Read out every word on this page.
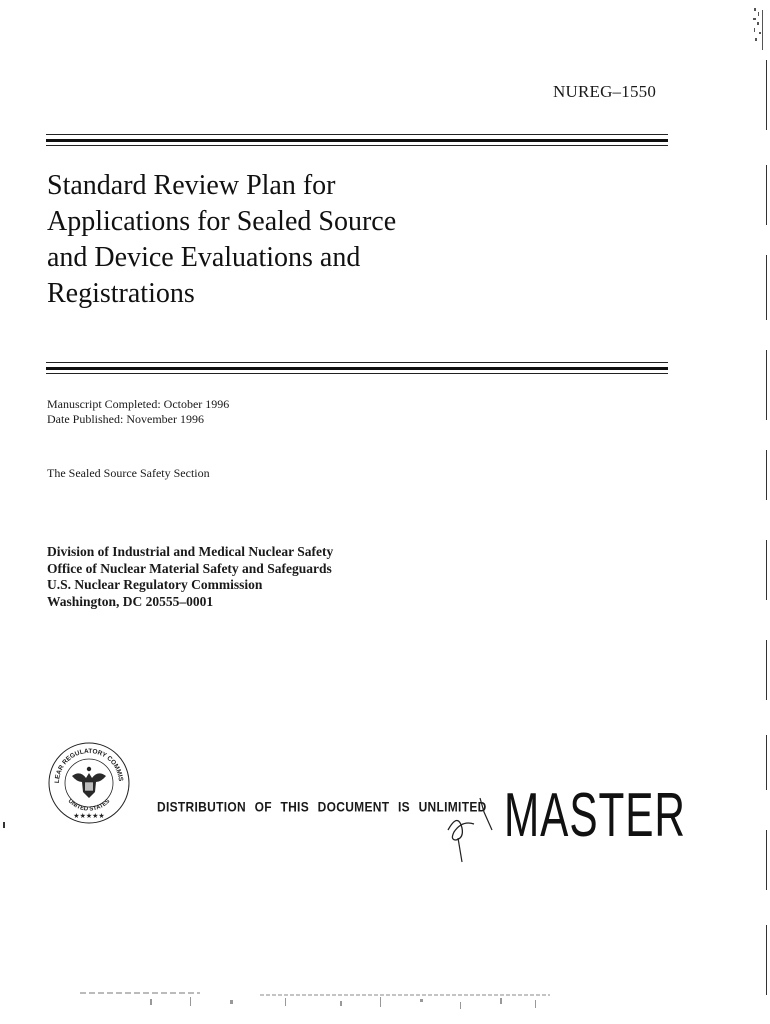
NUREG–1550
Standard Review Plan for
Applications for Sealed Source
and Device Evaluations and
Registrations
Manuscript Completed: October 1996
Date Published: November 1996
The Sealed Source Safety Section
Division of Industrial and Medical Nuclear Safety
Office of Nuclear Material Safety and Safeguards
U.S. Nuclear Regulatory Commission
Washington, DC 20555–0001
LEAR REGULATORY COMMIS
UNITED STATES
★★★★★
DISTRIBUTION OF THIS DOCUMENT IS UNLIMITED MASTER
